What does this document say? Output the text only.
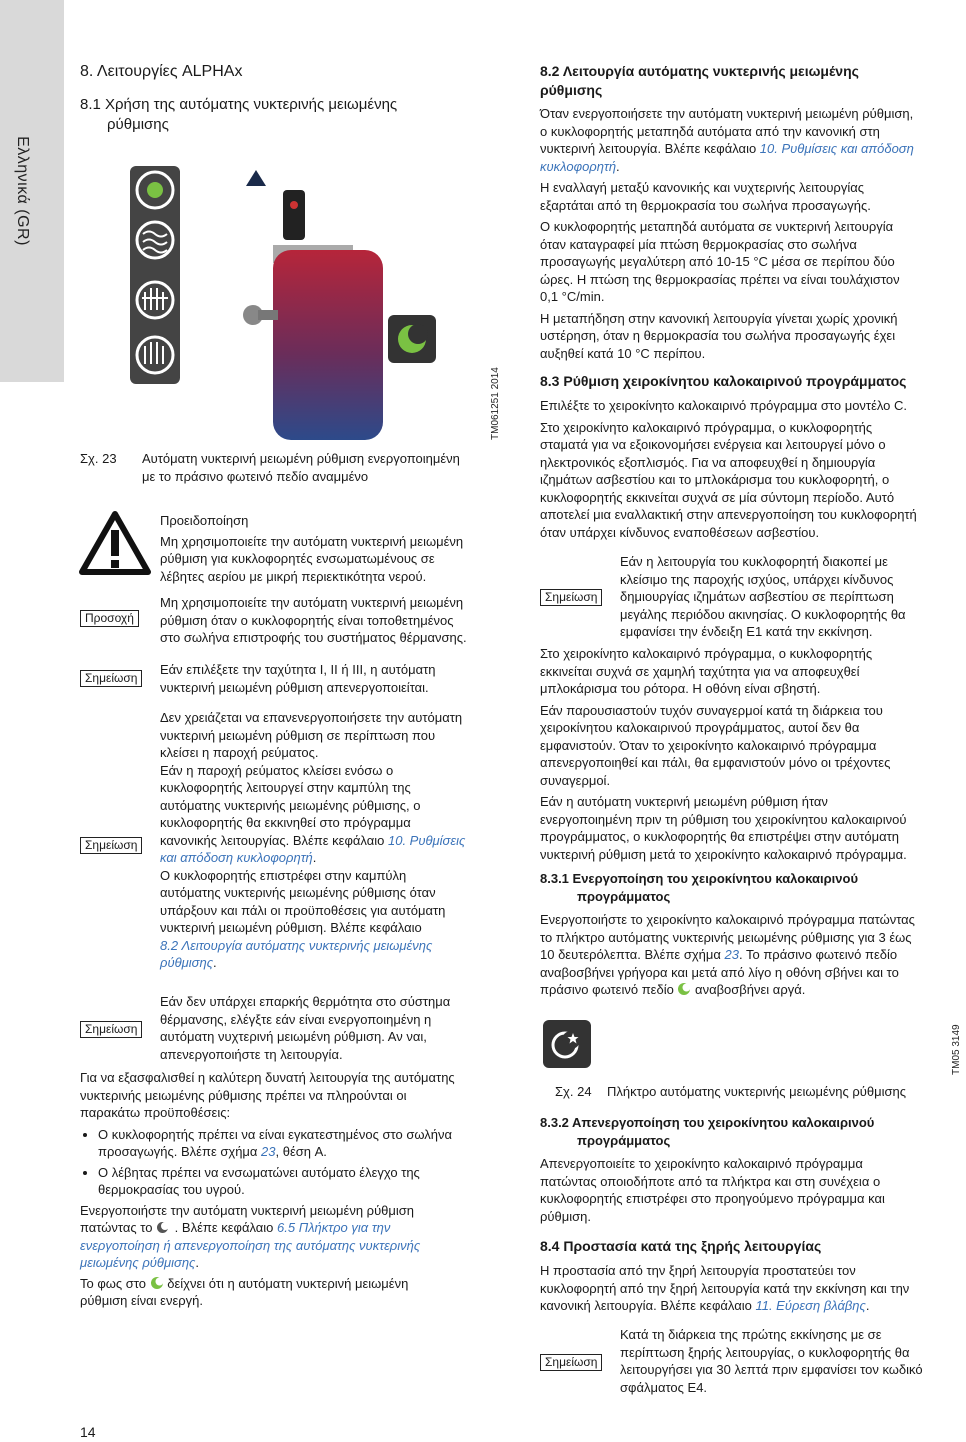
Ελληνικά (GR)
8. Λειτουργίες ALPHAx
8.1 Χρήση της αυτόματης νυκτερινής μειωμένης
ρύθμισης
TM061251 2014
Σχ. 23 Αυτόματη νυκτερινή μειωμένη ρύθμιση ενεργοποιημένη
με το πράσινο φωτεινό πεδίο αναμμένο
Προσοχή

Προειδοποίηση

Μη χρησιμοποιείτε την αυτόματη νυκτερινή μειωμένη
ρύθμιση για κυκλοφορητές ενσωματωμένους σε
λέβητες αερίου με μικρή περιεκτικότητα νερού.
Μη χρησιμοποιείτε την αυτόματη νυκτερινή μειωμένη
ρύθμιση όταν ο κυκλοφορητής είναι τοποθετημένος
στο σωλήνα επιστροφής του συστήματος θέρμανσης.
Σημείωση
Εάν επιλέξετε την ταχύτητα I, II ή III, η αυτόματη
νυκτερινή μειωμένη ρύθμιση απενεργοποιείται.
Σημείωση
Δεν χρειάζεται να επανενεργοποιήσετε την αυτόματη
νυκτερινή μειωμένη ρύθμιση σε περίπτωση που
κλείσει η παροχή ρεύματος.
Εάν η παροχή ρεύματος κλείσει ενόσω ο
κυκλοφορητής λειτουργεί στην καμπύλη της
αυτόματης νυκτερινής μειωμένης ρύθμισης, ο
κυκλοφορητής θα εκκινηθεί στο πρόγραμμα
κανονικής λειτουργίας. Βλέπε κεφάλαιο 10. Ρυθμίσεις
και απόδοση κυκλοφορητή.
Ο κυκλοφορητής επιστρέφει στην καμπύλη
αυτόματης νυκτερινής μειωμένης ρύθμισης όταν
υπάρξουν και πάλι οι προϋποθέσεις για αυτόματη
νυκτερινή μειωμένη ρύθμιση. Βλέπε κεφάλαιο
8.2 Λειτουργία αυτόματης νυκτερινής μειωμένης
ρύθμισης.
Σημείωση
Εάν δεν υπάρχει επαρκής θερμότητα στο σύστημα
θέρμανσης, ελέγξτε εάν είναι ενεργοποιημένη η
αυτόματη νυχτερινή μειωμένη ρύθμιση. Αν ναι,
απενεργοποιήστε τη λειτουργία.
Για να εξασφαλισθεί η καλύτερη δυνατή λειτουργία της αυτόματης
νυκτερινής μειωμένης ρύθμισης πρέπει να πληρούνται οι
παρακάτω προϋποθέσεις:
• Ο κυκλοφορητής πρέπει να είναι εγκατεστημένος στο σωλήνα
προσαγωγής. Βλέπε σχήμα 23, θέση A.
• Ο λέβητας πρέπει να ενσωματώνει αυτόματο έλεγχο της
θερμοκρασίας του υγρού.
Ενεργοποιήστε την αυτόματη νυκτερινή μειωμένη ρύθμιση
πατώντας το  . Βλέπε κεφάλαιο 6.5 Πλήκτρο για την
ενεργοποίηση ή απενεργοποίηση της αυτόματης νυκτερινής
μειωμένης ρύθμισης.
Το φως στο  δείχνει ότι η αυτόματη νυκτερινή μειωμένη
ρύθμιση είναι ενεργή.
14
8.2 Λειτουργία αυτόματης νυκτερινής μειωμένης
ρύθμισης
Όταν ενεργοποιήσετε την αυτόματη νυκτερινή μειωμένη ρύθμιση,
ο κυκλοφορητής μεταπηδά αυτόματα από την κανονική στη
νυκτερινή λειτουργία. Βλέπε κεφάλαιο 10. Ρυθμίσεις και απόδοση
κυκλοφορητή.
Η εναλλαγή μεταξύ κανονικής και νυχτερινής λειτουργίας
εξαρτάται από τη θερμοκρασία του σωλήνα προσαγωγής.
Ο κυκλοφορητής μεταπηδά αυτόματα σε νυκτερινή λειτουργία
όταν καταγραφεί μία πτώση θερμοκρασίας στο σωλήνα
προσαγωγής μεγαλύτερη από 10-15 °C μέσα σε περίπου δύο
ώρες. Η πτώση της θερμοκρασίας πρέπει να είναι τουλάχιστον
0,1 °C/min.
Η μεταπήδηση στην κανονική λειτουργία γίνεται χωρίς χρονική
υστέρηση, όταν η θερμοκρασία του σωλήνα προσαγωγής έχει
αυξηθεί κατά 10 °C περίπου.
8.3 Ρύθμιση χειροκίνητου καλοκαιρινού προγράμματος
Επιλέξτε το χειροκίνητο καλοκαιρινό πρόγραμμα στο μοντέλο C.
Στο χειροκίνητο καλοκαιρινό πρόγραμμα, ο κυκλοφορητής
σταματά για να εξοικονομήσει ενέργεια και λειτουργεί μόνο ο
ηλεκτρονικός εξοπλισμός. Για να αποφευχθεί η δημιουργία
ιζημάτων ασβεστίου και το μπλοκάρισμα του κυκλοφορητή, ο
κυκλοφορητής εκκινείται συχνά σε μία σύντομη περίοδο. Αυτό
αποτελεί μια εναλλακτική στην απενεργοποίηση του κυκλοφορητή
όταν υπάρχει κίνδυνος εναποθέσεων ασβεστίου.
Σημείωση
Εάν η λειτουργία του κυκλοφορητή διακοπεί με
κλείσιμο της παροχής ισχύος, υπάρχει κίνδυνος
δημιουργίας ιζημάτων ασβεστίου σε περίπτωση
μεγάλης περιόδου ακινησίας. Ο κυκλοφορητής θα
εμφανίσει την ένδειξη E1 κατά την εκκίνηση.
Στο χειροκίνητο καλοκαιρινό πρόγραμμα, ο κυκλοφορητής
εκκινείται συχνά σε χαμηλή ταχύτητα για να αποφευχθεί
μπλοκάρισμα του ρότορα. Η οθόνη είναι σβηστή.
Εάν παρουσιαστούν τυχόν συναγερμοί κατά τη διάρκεια του
χειροκίνητου καλοκαιρινού προγράμματος, αυτοί δεν θα
εμφανιστούν. Όταν το χειροκίνητο καλοκαιρινό πρόγραμμα
απενεργοποιηθεί και πάλι, θα εμφανιστούν μόνο οι τρέχοντες
συναγερμοί.
Εάν η αυτόματη νυκτερινή μειωμένη ρύθμιση ήταν
ενεργοποιημένη πριν τη ρύθμιση του χειροκίνητου καλοκαιρινού
προγράμματος, ο κυκλοφορητής θα επιστρέψει στην αυτόματη
νυκτερινή ρύθμιση μετά το χειροκίνητο καλοκαιρινό πρόγραμμα.
8.3.1 Ενεργοποίηση του χειροκίνητου καλοκαιρινού
προγράμματος
Ενεργοποιήστε το χειροκίνητο καλοκαιρινό πρόγραμμα πατώντας
το πλήκτρο αυτόματης νυκτερινής μειωμένης ρύθμισης για 3 έως
10 δευτερόλεπτα. Βλέπε σχήμα 23. Το πράσινο φωτεινό πεδίο
αναβοσβήνει γρήγορα και μετά από λίγο η οθόνη σβήνει και το
πράσινο φωτεινό πεδίο  αναβοσβήνει αργά.
TM05 3149
Σχ. 24 Πλήκτρο αυτόματης νυκτερινής μειωμένης ρύθμισης
8.3.2 Απενεργοποίηση του χειροκίνητου καλοκαιρινού
προγράμματος
Απενεργοποιείτε το χειροκίνητο καλοκαιρινό πρόγραμμα
πατώντας οποιοδήποτε από τα πλήκτρα και στη συνέχεια ο
κυκλοφορητής επιστρέφει στο προηγούμενο πρόγραμμα και
ρύθμιση.
8.4 Προστασία κατά της ξηρής λειτουργίας
Η προστασία από την ξηρή λειτουργία προστατεύει τον
κυκλοφορητή από την ξηρή λειτουργία κατά την εκκίνηση και την
κανονική λειτουργία. Βλέπε κεφάλαιο 11. Εύρεση βλάβης.
Σημείωση
Κατά τη διάρκεια της πρώτης εκκίνησης με σε
περίπτωση ξηρής λειτουργίας, ο κυκλοφορητής θα
λειτουργήσει για 30 λεπτά πριν εμφανίσει τον κωδικό
σφάλματος E4.
